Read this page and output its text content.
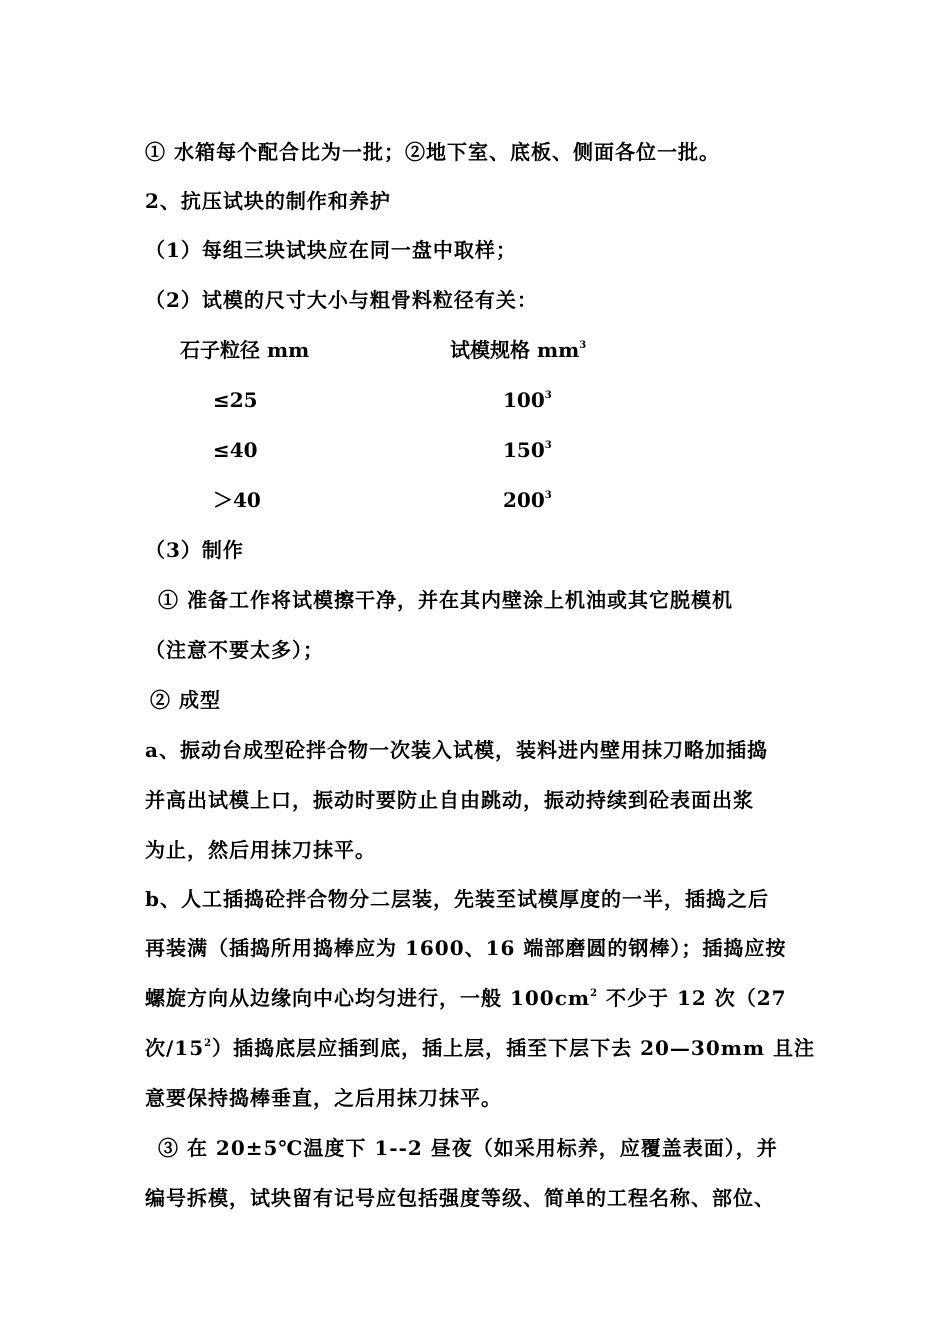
① 水箱每个配合比为一批；②地下室、底板、侧面各位一批。
2、抗压试块的制作和养护
（1）每组三块试块应在同一盘中取样；
（2）试模的尺寸大小与粗骨料粒径有关：
石子粒径 mm	试模规格 $mm^3$
≤25	$100^3$
≤40	$150^3$
＞40	$200^3$
（3）制作
① 准备工作将试模擦干净，并在其内壁涂上机油或其它脱模机
（注意不要太多）；
② 成型
a、振动台成型砼拌合物一次装入试模，装料进内壁用抹刀略加插捣
并高出试模上口，振动时要防止自由跳动，振动持续到砼表面出浆
为止，然后用抹刀抹平。
b、人工插捣砼拌合物分二层装，先装至试模厚度的一半，插捣之后
再装满（插捣所用捣棒应为 1600、16 端部磨圆的钢棒）；插捣应按
螺旋方向从边缘向中心均匀进行，一般 $100cm^2$ 不少于 12 次（27
次$/15^2$）插捣底层应插到底，插上层，插至下层下去 20—30mm 且注
意要保持捣棒垂直，之后用抹刀抹平。
③ 在 20±5℃温度下 1--2 昼夜（如采用标养，应覆盖表面），并
编号拆模，试块留有记号应包括强度等级、简单的工程名称、部位、
